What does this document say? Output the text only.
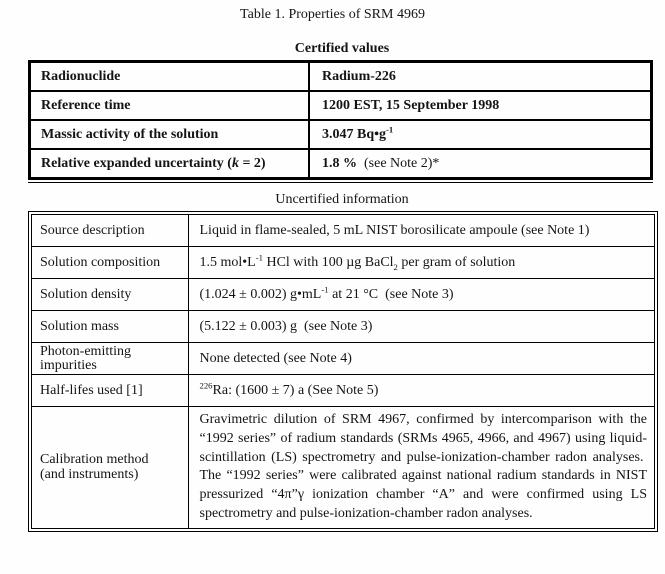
Table 1. Properties of SRM 4969
Certified values
Radionuclide	Radium-226
Reference time	1200 EST, 15 September 1998
Massic activity of the solution	3.047 $Bq•g^{-1}$
Relative expanded uncertainty (k = 2)	1.8 %  (see Note 2)*
Uncertified information
Source description	Liquid in flame-sealed, 5 mL NIST borosilicate ampoule (see Note 1)
Solution composition	1.5 $mol•L^{-1}$ HCl with 100 µg BaCl$_2$ per gram of solution
Solution density	(1.024 ± 0.002) $g•mL^{-1}$ at 21 °C  (see Note 3)
Solution mass	(5.122 ± 0.003) g  (see Note 3)
Photon-emitting
impurities	None detected (see Note 4)
Half-lifes used [1]	$^{226}$Ra: (1600 ± 7) a (See Note 5)
Calibration method
(and instruments)	Gravimetric dilution of SRM 4967, confirmed by intercomparison with the “1992 series” of radium standards (SRMs 4965, 4966, and 4967) using liquid-scintillation (LS) spectrometry and pulse-ionization-chamber radon analyses.  The “1992 series” were calibrated against national radium standards in NIST pressurized “4π”γ ionization chamber “A” and were confirmed using LS spectrometry and pulse-ionization-chamber radon analyses.
